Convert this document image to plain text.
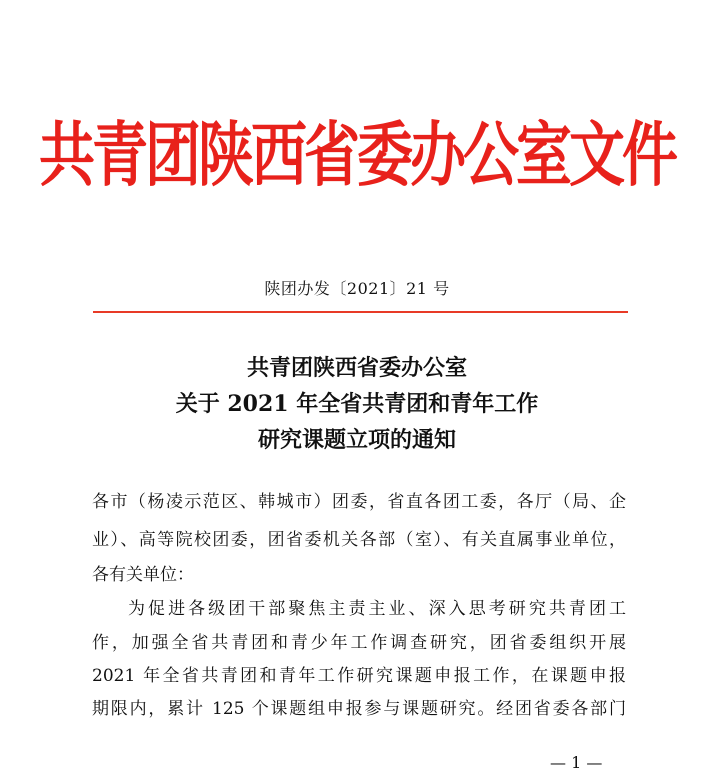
共青团陕西省委办公室文件
陕团办发〔2021〕21 号
共青团陕西省委办公室
关于 2021 年全省共青团和青年工作
研究课题立项的通知
各市（杨凌示范区、韩城市）团委，省直各团工委，各厅（局、企
业）、高等院校团委，团省委机关各部（室）、有关直属事业单位，
各有关单位：
为促进各级团干部聚焦主责主业、深入思考研究共青团工
作，加强全省共青团和青少年工作调查研究，团省委组织开展
2021 年全省共青团和青年工作研究课题申报工作，在课题申报
期限内，累计 125 个课题组申报参与课题研究。经团省委各部门
— 1 —
